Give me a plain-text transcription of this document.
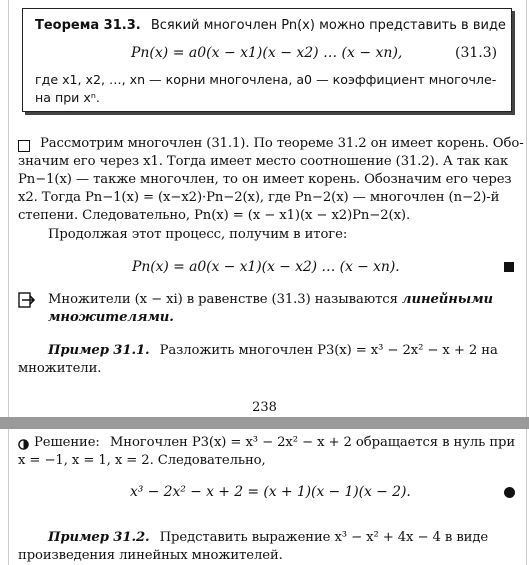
Теорема 31.3. Всякий многочлен Pn(x) можно представить в виде
Pn(x) = a0(x − x1)(x − x2) … (x − xn),	(31.3)
где x1, x2, …, xn — корни многочлена, a0 — коэффициент многочле-
на при xⁿ.
Рассмотрим многочлен (31.1). По теореме 31.2 он имеет корень. Обо-
значим его через x1. Тогда имеет место соотношение (31.2). А так как
Pn−1(x) — также многочлен, то он имеет корень. Обозначим его через
x2. Тогда Pn−1(x) = (x−x2)·Pn−2(x), где Pn−2(x) — многочлен (n−2)-й
степени. Следовательно, Pn(x) = (x − x1)(x − x2)Pn−2(x).
Продолжая этот процесс, получим в итоге:
Pn(x) = a0(x − x1)(x − x2) … (x − xn).
Множители (x − xi) в равенстве (31.3) называются линейными
множителями.
Пример 31.1. Разложить многочлен P3(x) = x³ − 2x² − x + 2 на
множители.
238
Решение: Многочлен P3(x) = x³ − 2x² − x + 2 обращается в нуль при
x = −1, x = 1, x = 2. Следовательно,
x³ − 2x² − x + 2 = (x + 1)(x − 1)(x − 2).
Пример 31.2. Представить выражение x³ − x² + 4x − 4 в виде
произведения линейных множителей.
